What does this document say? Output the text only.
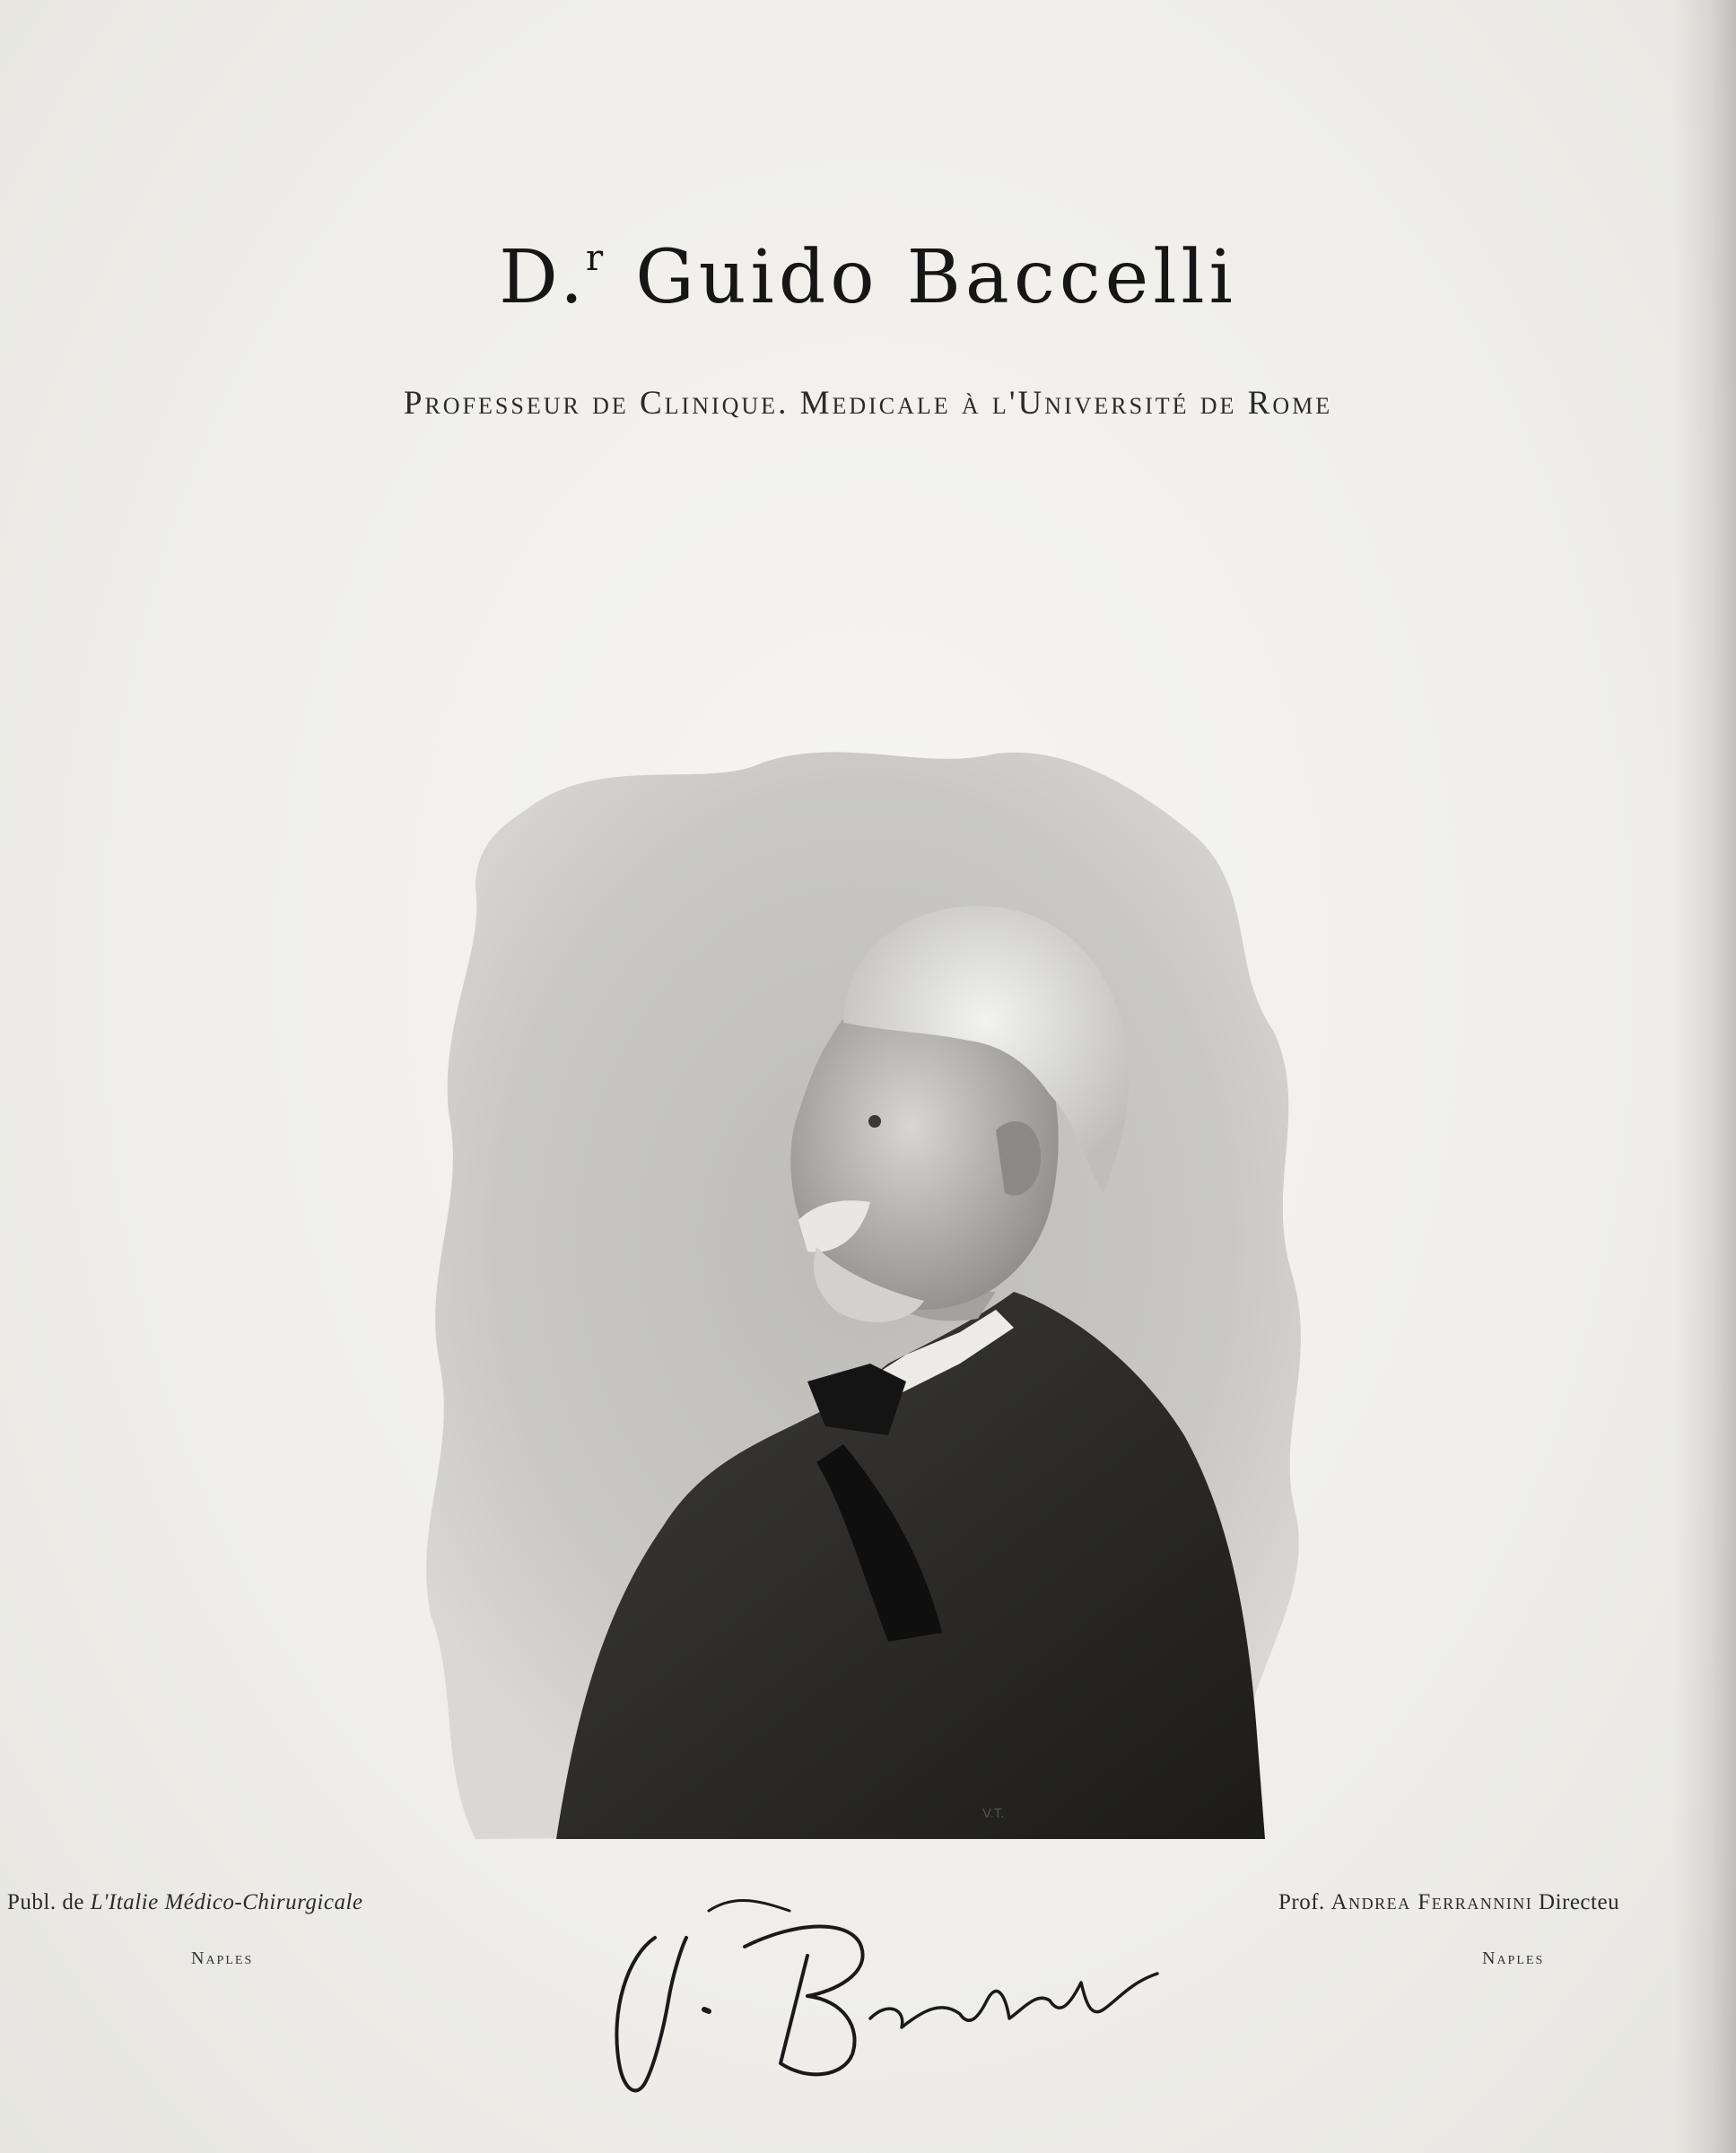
D.$^r$ Guido Baccelli
Professeur de Clinique. Medicale à l'Université de Rome
V.T.
Publ. de L'Italie Médico-Chirurgicale
Naples
Prof. Andrea Ferrannini Directeu
Naples
